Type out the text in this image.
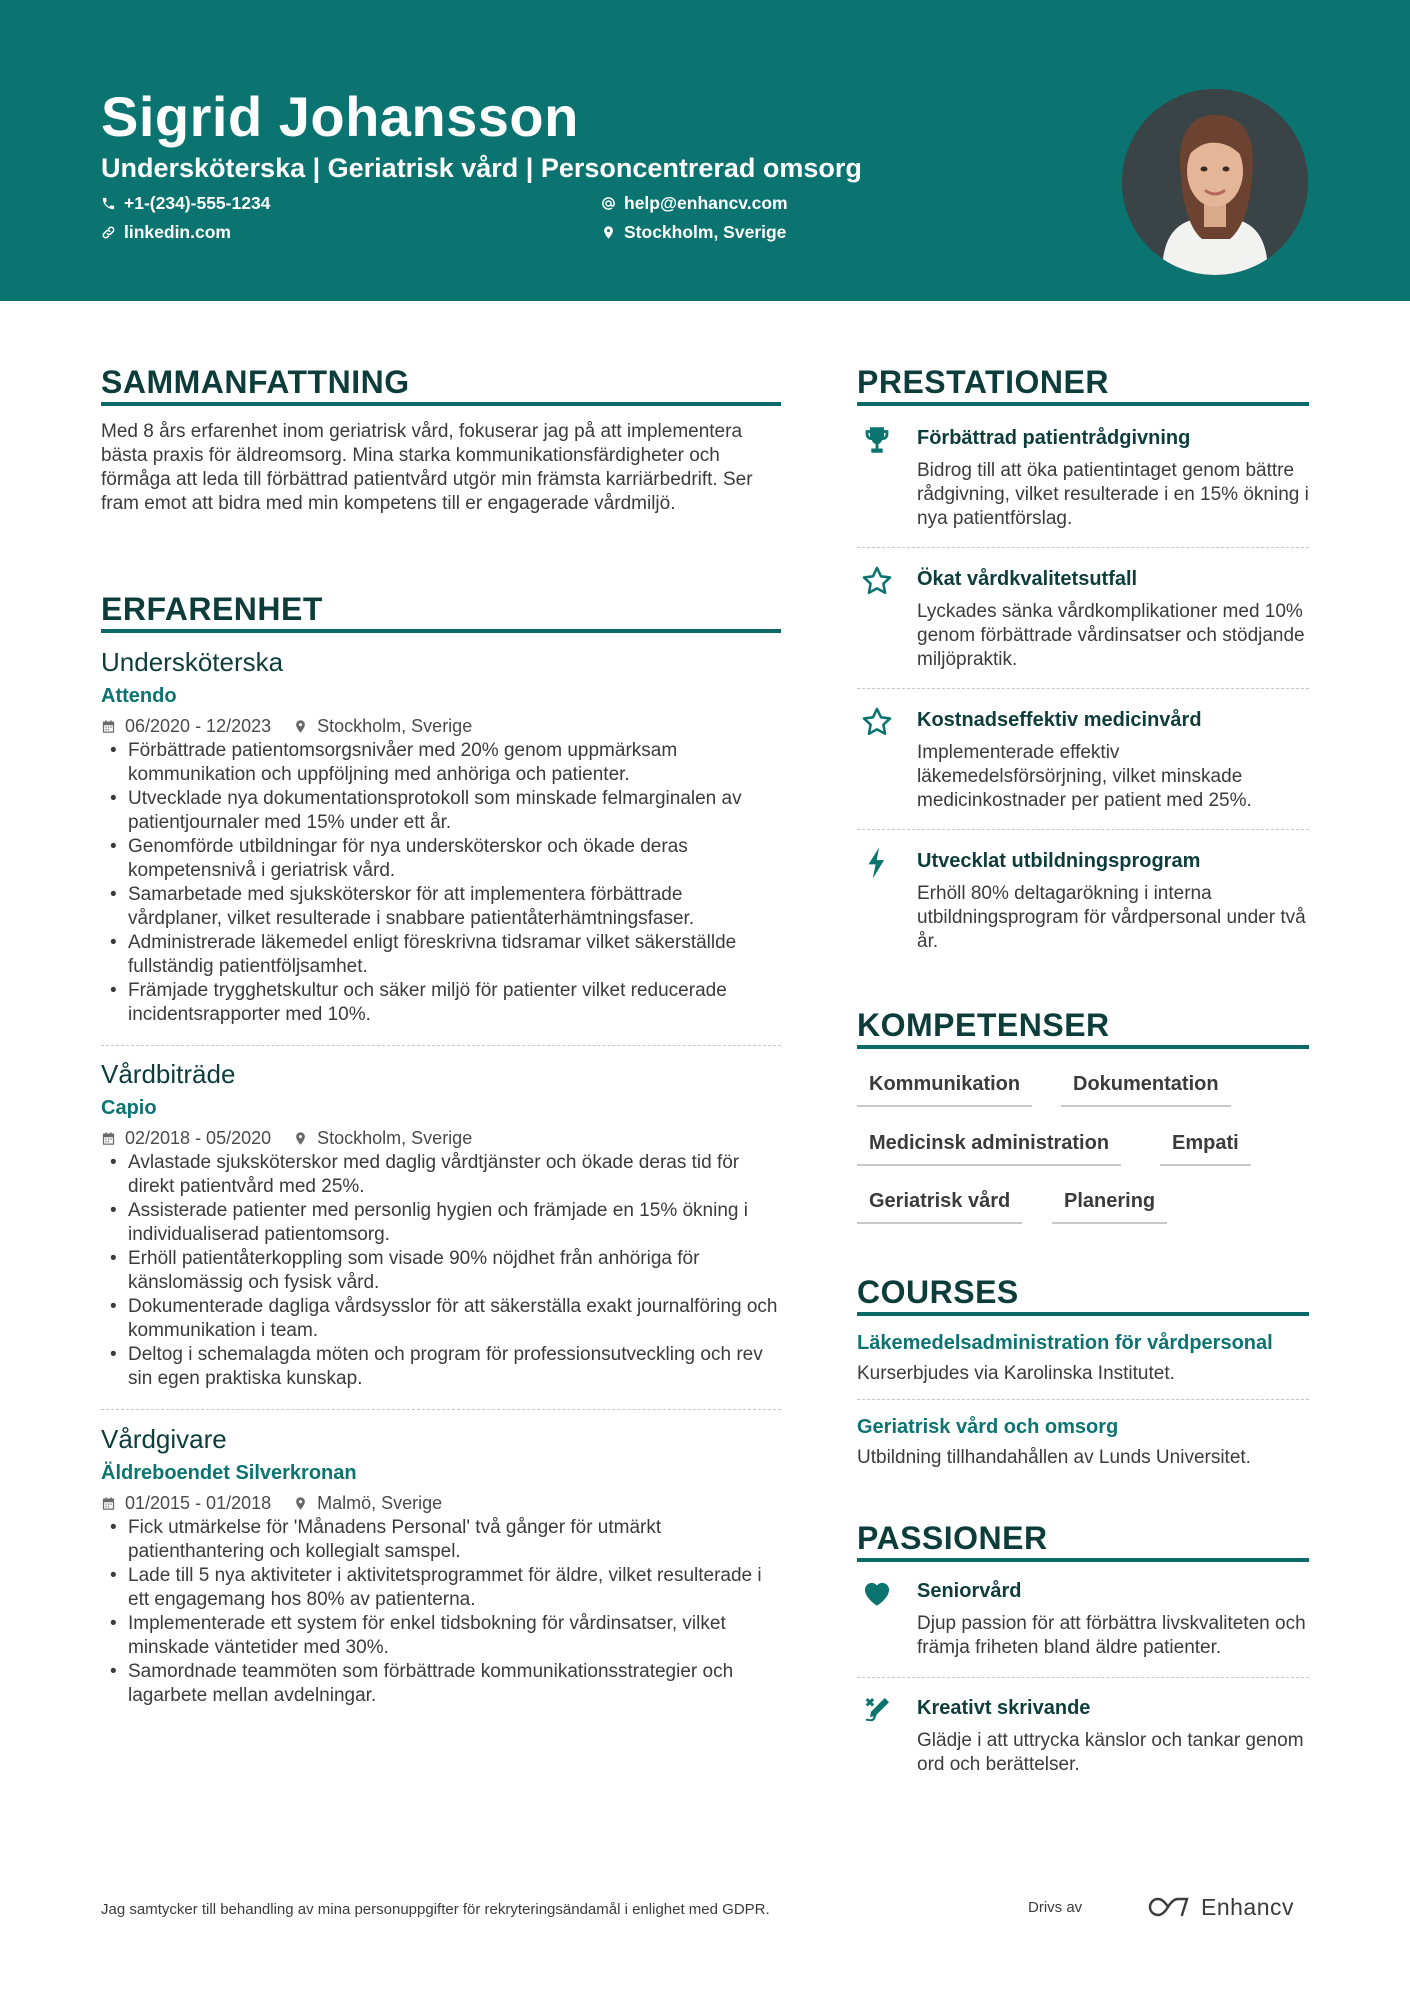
Sigrid Johansson
Undersköterska | Geriatrisk vård | Personcentrerad omsorg
+1-(234)-555-1234	help@enhancv.com
linkedin.com	Stockholm, Sverige
SAMMANFATTNING
Med 8 års erfarenhet inom geriatrisk vård, fokuserar jag på att implementera bästa praxis för äldreomsorg. Mina starka kommunikationsfärdigheter och förmåga att leda till förbättrad patientvård utgör min främsta karriärbedrift. Ser fram emot att bidra med min kompetens till er engagerade vårdmiljö.
ERFARENHET
Undersköterska
Attendo
06/2020 - 12/2023	Stockholm, Sverige
• Förbättrade patientomsorgsnivåer med 20% genom uppmärksam kommunikation och uppföljning med anhöriga och patienter.
• Utvecklade nya dokumentationsprotokoll som minskade felmarginalen av patientjournaler med 15% under ett år.
• Genomförde utbildningar för nya undersköterskor och ökade deras kompetensnivå i geriatrisk vård.
• Samarbetade med sjuksköterskor för att implementera förbättrade vårdplaner, vilket resulterade i snabbare patientåterhämtningsfaser.
• Administrerade läkemedel enligt föreskrivna tidsramar vilket säkerställde fullständig patientföljsamhet.
• Främjade trygghetskultur och säker miljö för patienter vilket reducerade incidentsrapporter med 10%.
Vårdbiträde
Capio
02/2018 - 05/2020	Stockholm, Sverige
• Avlastade sjuksköterskor med daglig vårdtjänster och ökade deras tid för direkt patientvård med 25%.
• Assisterade patienter med personlig hygien och främjade en 15% ökning i individualiserad patientomsorg.
• Erhöll patientåterkoppling som visade 90% nöjdhet från anhöriga för känslomässig och fysisk vård.
• Dokumenterade dagliga vårdsysslor för att säkerställa exakt journalföring och kommunikation i team.
• Deltog i schemalagda möten och program för professionsutveckling och rev sin egen praktiska kunskap.
Vårdgivare
Äldreboendet Silverkronan
01/2015 - 01/2018	Malmö, Sverige
• Fick utmärkelse för 'Månadens Personal' två gånger för utmärkt patienthantering och kollegialt samspel.
• Lade till 5 nya aktiviteter i aktivitetsprogrammet för äldre, vilket resulterade i ett engagemang hos 80% av patienterna.
• Implementerade ett system för enkel tidsbokning för vårdinsatser, vilket minskade väntetider med 30%.
• Samordnade teammöten som förbättrade kommunikationsstrategier och lagarbete mellan avdelningar.
PRESTATIONER
Förbättrad patientrådgivning
Bidrog till att öka patientintaget genom bättre rådgivning, vilket resulterade i en 15% ökning i nya patientförslag.
Ökat vårdkvalitetsutfall
Lyckades sänka vårdkomplikationer med 10% genom förbättrade vårdinsatser och stödjande miljöpraktik.
Kostnadseffektiv medicinvård
Implementerade effektiv läkemedelsförsörjning, vilket minskade medicinkostnader per patient med 25%.
Utvecklat utbildningsprogram
Erhöll 80% deltagarökning i interna utbildningsprogram för vårdpersonal under två år.
KOMPETENSER
Kommunikation	Dokumentation
Medicinsk administration	Empati
Geriatrisk vård	Planering
COURSES
Läkemedelsadministration för vårdpersonal
Kurserbjudes via Karolinska Institutet.
Geriatrisk vård och omsorg
Utbildning tillhandahållen av Lunds Universitet.
PASSIONER
Seniorvård
Djup passion för att förbättra livskvaliteten och främja friheten bland äldre patienter.
Kreativt skrivande
Glädje i att uttrycka känslor och tankar genom ord och berättelser.
Jag samtycker till behandling av mina personuppgifter för rekryteringsändamål i enlighet med GDPR.	Drivs av	Enhancv
